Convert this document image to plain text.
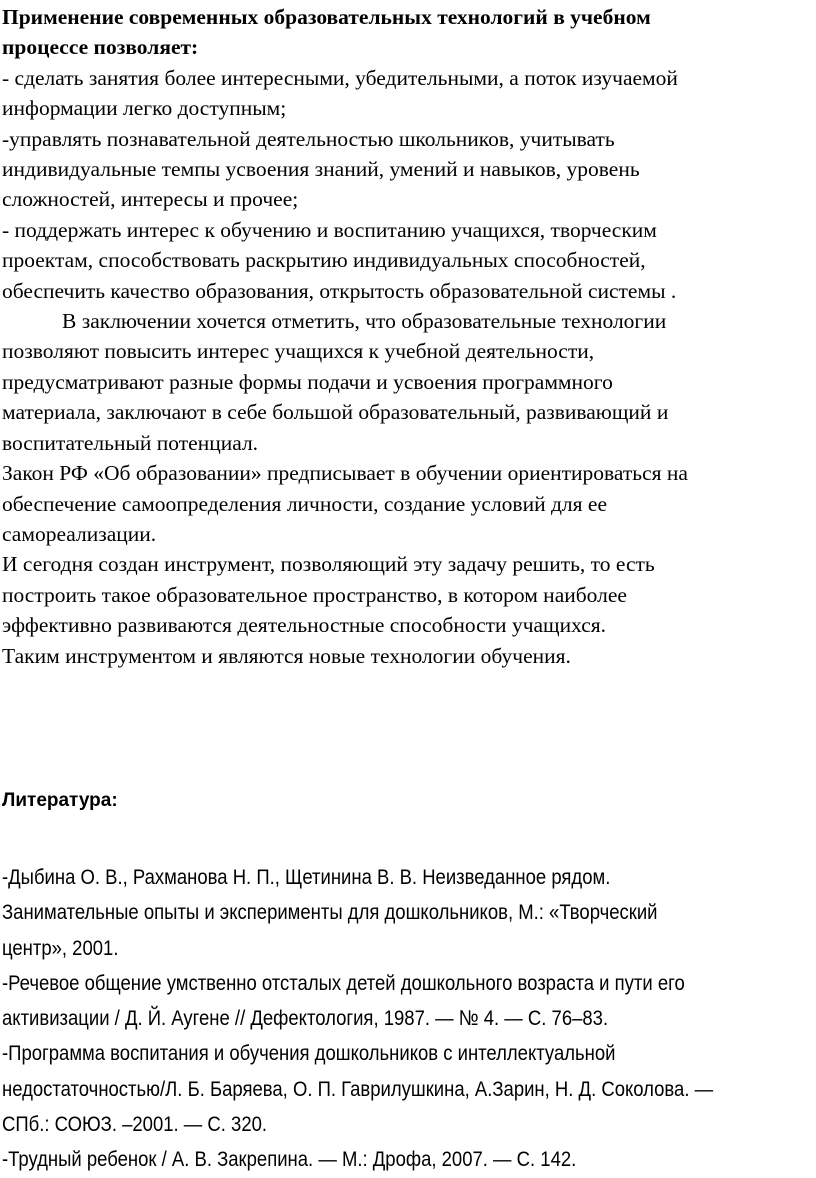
Применение современных образовательных технологий в учебном
процессе позволяет:
- сделать занятия более интересными, убедительными, а поток изучаемой
информации легко доступным;
-управлять познавательной деятельностью школьников, учитывать
индивидуальные темпы усвоения знаний, умений и навыков, уровень
сложностей, интересы и прочее;
- поддержать интерес к обучению и воспитанию учащихся, творческим
проектам, способствовать раскрытию индивидуальных способностей,
обеспечить качество образования, открытость образовательной системы .
В заключении хочется отметить, что образовательные технологии
позволяют повысить интерес учащихся к учебной деятельности,
предусматривают разные формы подачи и усвоения программного
материала, заключают в себе большой образовательный, развивающий и
воспитательный потенциал.
Закон РФ «Об образовании» предписывает в обучении ориентироваться на
обеспечение самоопределения личности, создание условий для ее
самореализации.
И сегодня создан инструмент, позволяющий эту задачу решить, то есть
построить такое образовательное пространство, в котором наиболее
эффективно развиваются деятельностные способности учащихся.
Таким инструментом и являются новые технологии обучения.
Литература:
-Дыбина О. В., Рахманова Н. П., Щетинина В. В. Неизведанное рядом.
Занимательные опыты и эксперименты для дошкольников, М.: «Творческий
центр», 2001.
-Речевое общение умственно отсталых детей дошкольного возраста и пути его
активизации / Д. Й. Аугене // Дефектология, 1987. — № 4. — С. 76–83.
-Программа воспитания и обучения дошкольников с интеллектуальной
недостаточностью/Л. Б. Баряева, О. П. Гаврилушкина, А.Зарин, Н. Д. Соколова. —
СПб.: СОЮЗ. –2001. — С. 320.
-Трудный ребенок / А. В. Закрепина. — М.: Дрофа, 2007. — С. 142.
